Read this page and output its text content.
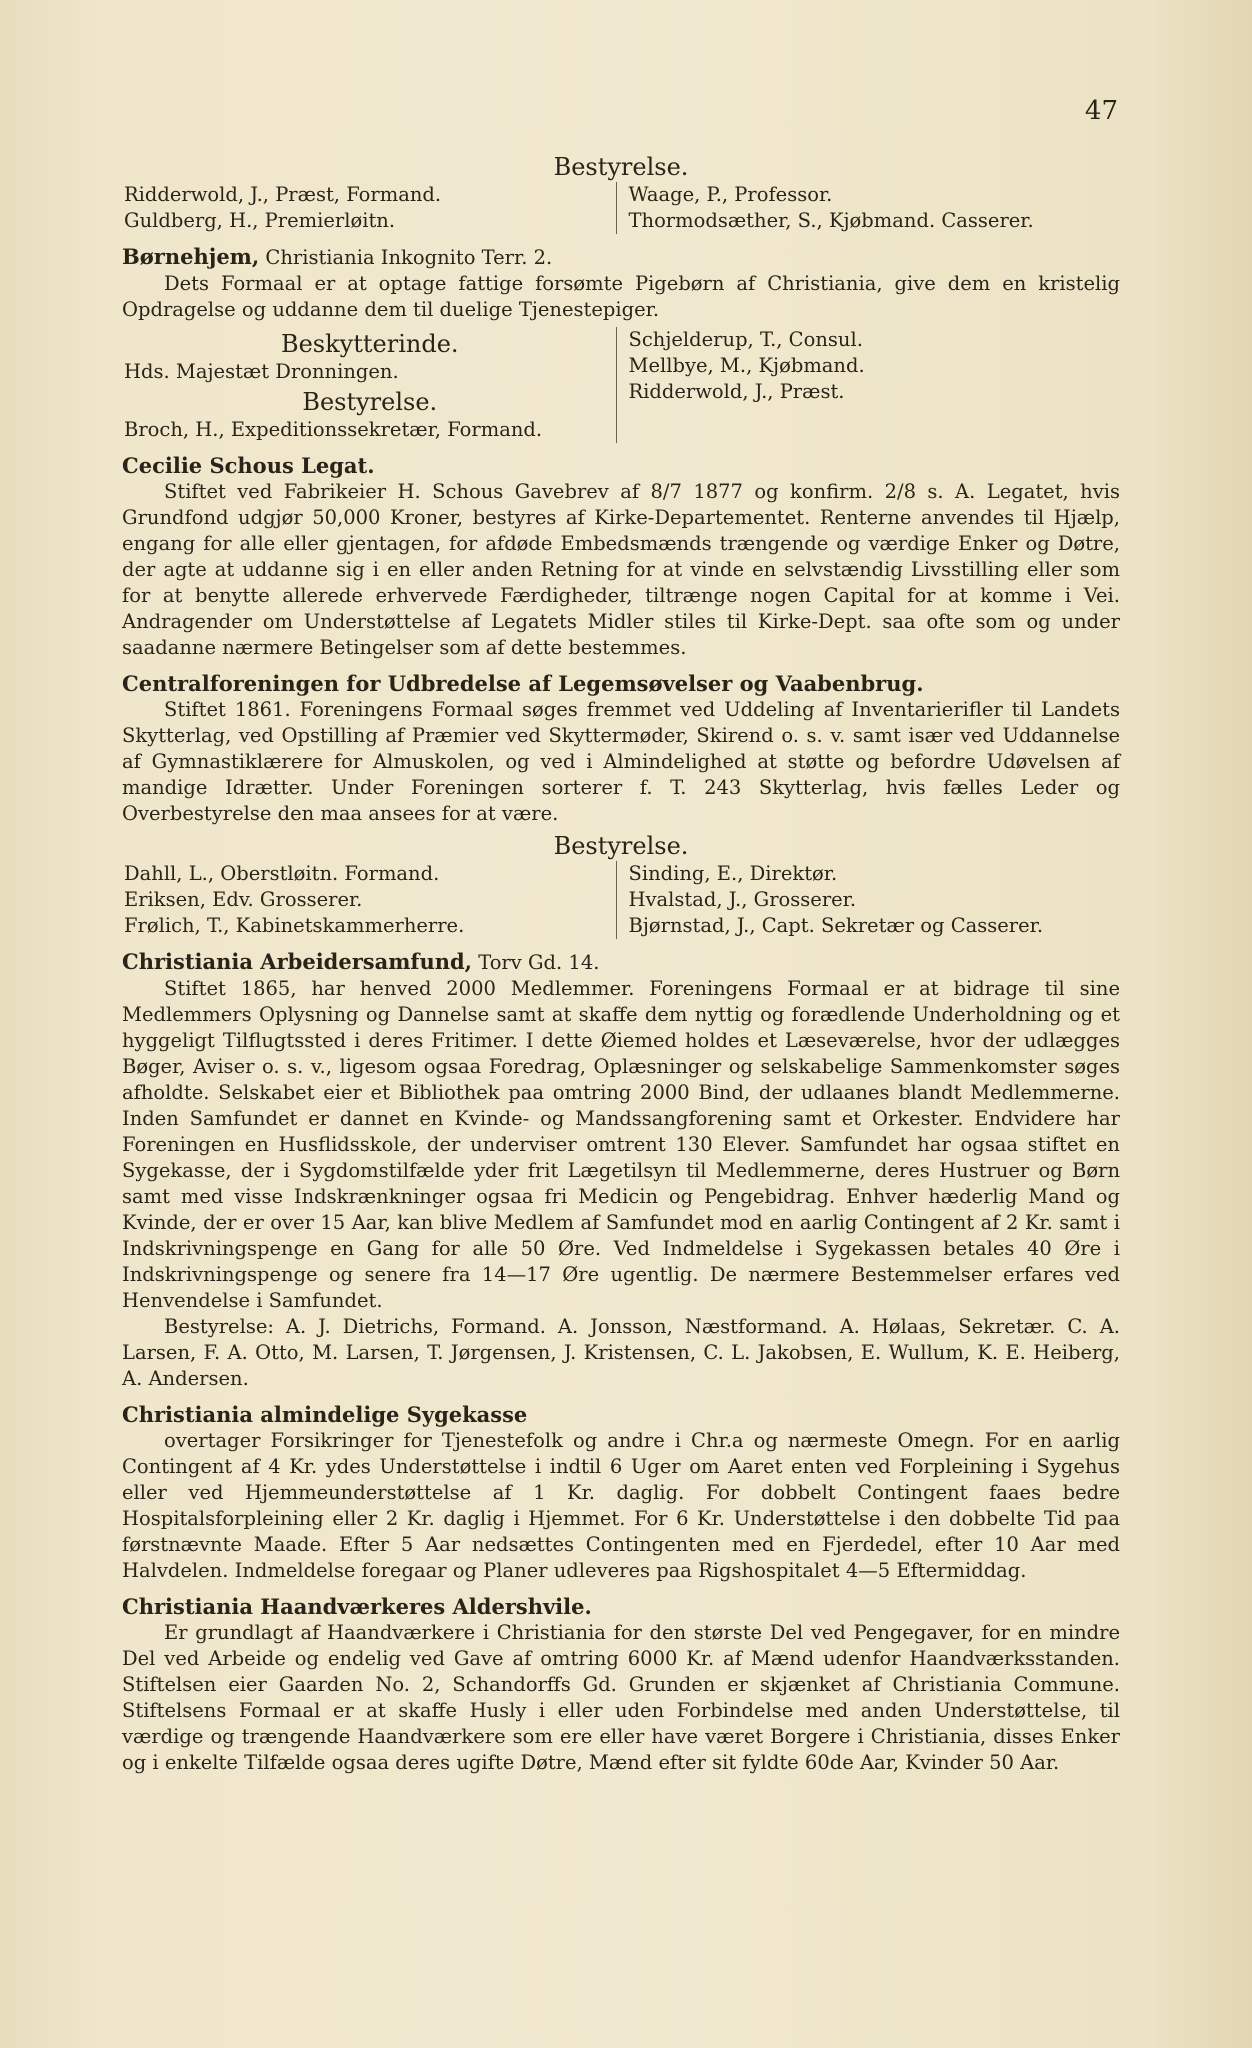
47
Bestyrelse.

Ridderwold, J., Præst, Formand.

Guldberg, H., Premierløitn.

Waage, P., Professor.

Thormodsæther, S., Kjøbmand. Casserer.

Børnehjem, Christiania Inkognito Terr. 2.

Dets Formaal er at optage fattige forsømte Pigebørn af Christiania, give dem en kristelig Opdragelse og uddanne dem til duelige Tjenestepiger.

Beskytterinde.

Hds. Majestæt Dronningen.

Bestyrelse.

Broch, H., Expeditionssekretær, Formand.

Schjelderup, T., Consul.

Mellbye, M., Kjøbmand.

Ridderwold, J., Præst.

Cecilie Schous Legat.

Stiftet ved Fabrikeier H. Schous Gavebrev af 8/7 1877 og konfirm. 2/8 s. A. Legatet, hvis Grundfond udgjør 50,000 Kroner, bestyres af Kirke-Departementet. Renterne anvendes til Hjælp, engang for alle eller gjentagen, for afdøde Embedsmænds trængende og værdige Enker og Døtre, der agte at uddanne sig i en eller anden Retning for at vinde en selvstændig Livsstilling eller som for at benytte allerede erhvervede Færdigheder, tiltrænge nogen Capital for at komme i Vei. Andragender om Understøttelse af Legatets Midler stiles til Kirke-Dept. saa ofte som og under saadanne nærmere Betingelser som af dette bestemmes.

Centralforeningen for Udbredelse af Legemsøvelser og Vaabenbrug.

Stiftet 1861. Foreningens Formaal søges fremmet ved Uddeling af Inventarierifler til Landets Skytterlag, ved Opstilling af Præmier ved Skyttermøder, Skirend o. s. v. samt især ved Uddannelse af Gymnastiklærere for Almuskolen, og ved i Almindelighed at støtte og befordre Udøvelsen af mandige Idrætter. Under Foreningen sorterer f. T. 243 Skytterlag, hvis fælles Leder og Overbestyrelse den maa ansees for at være.

Bestyrelse.

Dahll, L., Oberstløitn. Formand.

Eriksen, Edv. Grosserer.

Frølich, T., Kabinetskammerherre.

Sinding, E., Direktør.

Hvalstad, J., Grosserer.

Bjørnstad, J., Capt. Sekretær og Casserer.

Christiania Arbeidersamfund, Torv Gd. 14.

Stiftet 1865, har henved 2000 Medlemmer. Foreningens Formaal er at bidrage til sine Medlemmers Oplysning og Dannelse samt at skaffe dem nyttig og forædlende Underholdning og et hyggeligt Tilflugtssted i deres Fritimer. I dette Øiemed holdes et Læseværelse, hvor der udlægges Bøger, Aviser o. s. v., ligesom ogsaa Foredrag, Oplæsninger og selskabelige Sammenkomster søges afholdte. Selskabet eier et Bibliothek paa omtring 2000 Bind, der udlaanes blandt Medlemmerne. Inden Samfundet er dannet en Kvinde- og Mandssangforening samt et Orkester. Endvidere har Foreningen en Husflidsskole, der underviser omtrent 130 Elever. Samfundet har ogsaa stiftet en Sygekasse, der i Sygdomstilfælde yder frit Lægetilsyn til Medlemmerne, deres Hustruer og Børn samt med visse Indskrænkninger ogsaa fri Medicin og Pengebidrag. Enhver hæderlig Mand og Kvinde, der er over 15 Aar, kan blive Medlem af Samfundet mod en aarlig Contingent af 2 Kr. samt i Indskrivningspenge en Gang for alle 50 Øre. Ved Indmeldelse i Sygekassen betales 40 Øre i Indskrivningspenge og senere fra 14—17 Øre ugentlig. De nærmere Bestemmelser erfares ved Henvendelse i Samfundet.

Bestyrelse: A. J. Dietrichs, Formand. A. Jonsson, Næstformand. A. Hølaas, Sekretær. C. A. Larsen, F. A. Otto, M. Larsen, T. Jørgensen, J. Kristensen, C. L. Jakobsen, E. Wullum, K. E. Heiberg, A. Andersen.

Christiania almindelige Sygekasse

overtager Forsikringer for Tjenestefolk og andre i Chr.a og nærmeste Omegn. For en aarlig Contingent af 4 Kr. ydes Understøttelse i indtil 6 Uger om Aaret enten ved Forpleining i Sygehus eller ved Hjemmeunderstøttelse af 1 Kr. daglig. For dobbelt Contingent faaes bedre Hospitalsforpleining eller 2 Kr. daglig i Hjemmet. For 6 Kr. Understøttelse i den dobbelte Tid paa førstnævnte Maade. Efter 5 Aar nedsættes Contingenten med en Fjerdedel, efter 10 Aar med Halvdelen. Indmeldelse foregaar og Planer udleveres paa Rigshospitalet 4—5 Eftermiddag.

Christiania Haandværkeres Aldershvile.

Er grundlagt af Haandværkere i Christiania for den største Del ved Pengegaver, for en mindre Del ved Arbeide og endelig ved Gave af omtring 6000 Kr. af Mænd udenfor Haandværksstanden. Stiftelsen eier Gaarden No. 2, Schandorffs Gd. Grunden er skjænket af Christiania Commune. Stiftelsens Formaal er at skaffe Husly i eller uden Forbindelse med anden Understøttelse, til værdige og trængende Haandværkere som ere eller have været Borgere i Christiania, disses Enker og i enkelte Tilfælde ogsaa deres ugifte Døtre, Mænd efter sit fyldte 60de Aar, Kvinder 50 Aar.
